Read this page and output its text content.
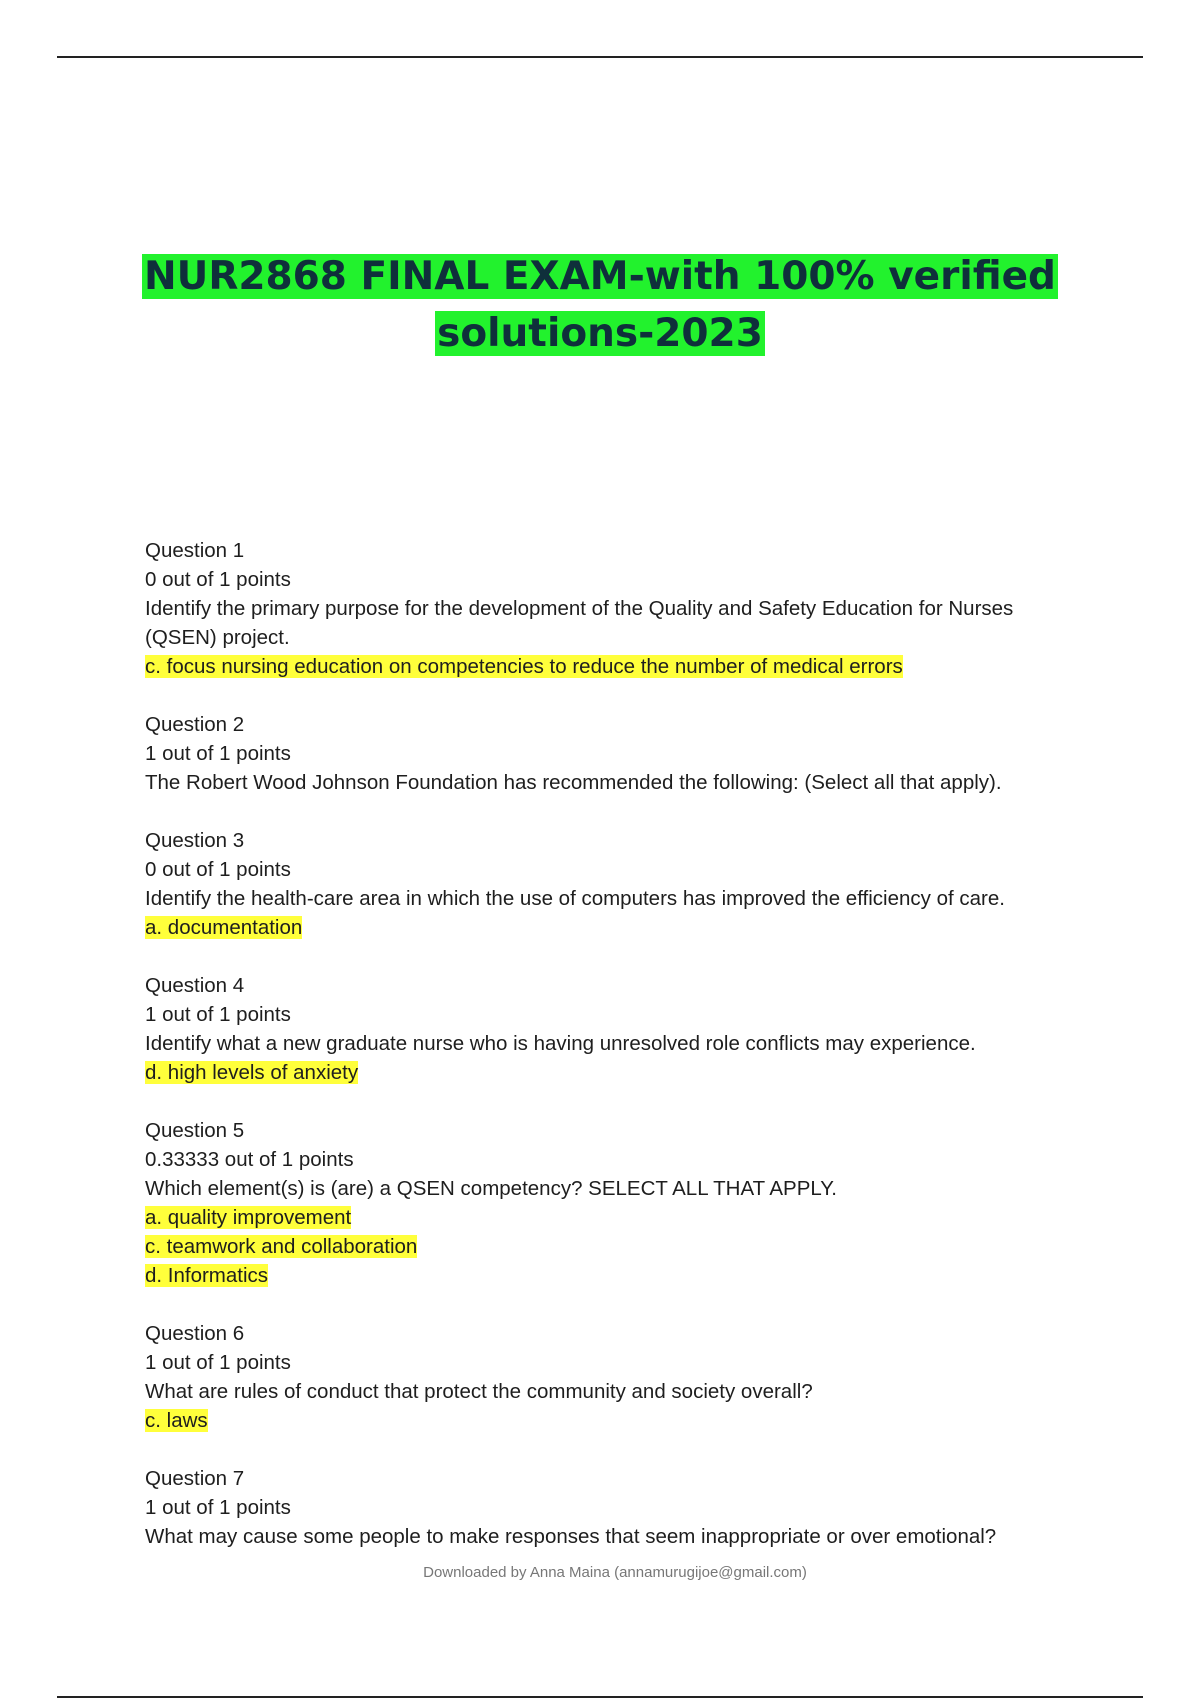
NUR2868 FINAL EXAM-with 100% verified
solutions-2023

Question 1

0 out of 1 points

Identify the primary purpose for the development of the Quality and Safety Education for Nurses (QSEN) project.

c. focus nursing education on competencies to reduce the number of medical errors

Question 2

1 out of 1 points

The Robert Wood Johnson Foundation has recommended the following: (Select all that apply).

Question 3

0 out of 1 points

Identify the health-care area in which the use of computers has improved the efficiency of care.

a. documentation

Question 4

1 out of 1 points

Identify what a new graduate nurse who is having unresolved role conflicts may experience.

d. high levels of anxiety

Question 5

0.33333 out of 1 points

Which element(s) is (are) a QSEN competency? SELECT ALL THAT APPLY.

a. quality improvement

c. teamwork and collaboration

d. Informatics

Question 6

1 out of 1 points

What are rules of conduct that protect the community and society overall?

c. laws

Question 7

1 out of 1 points

What may cause some people to make responses that seem inappropriate or over emotional?

Downloaded by Anna Maina (annamurugijoe@gmail.com)
